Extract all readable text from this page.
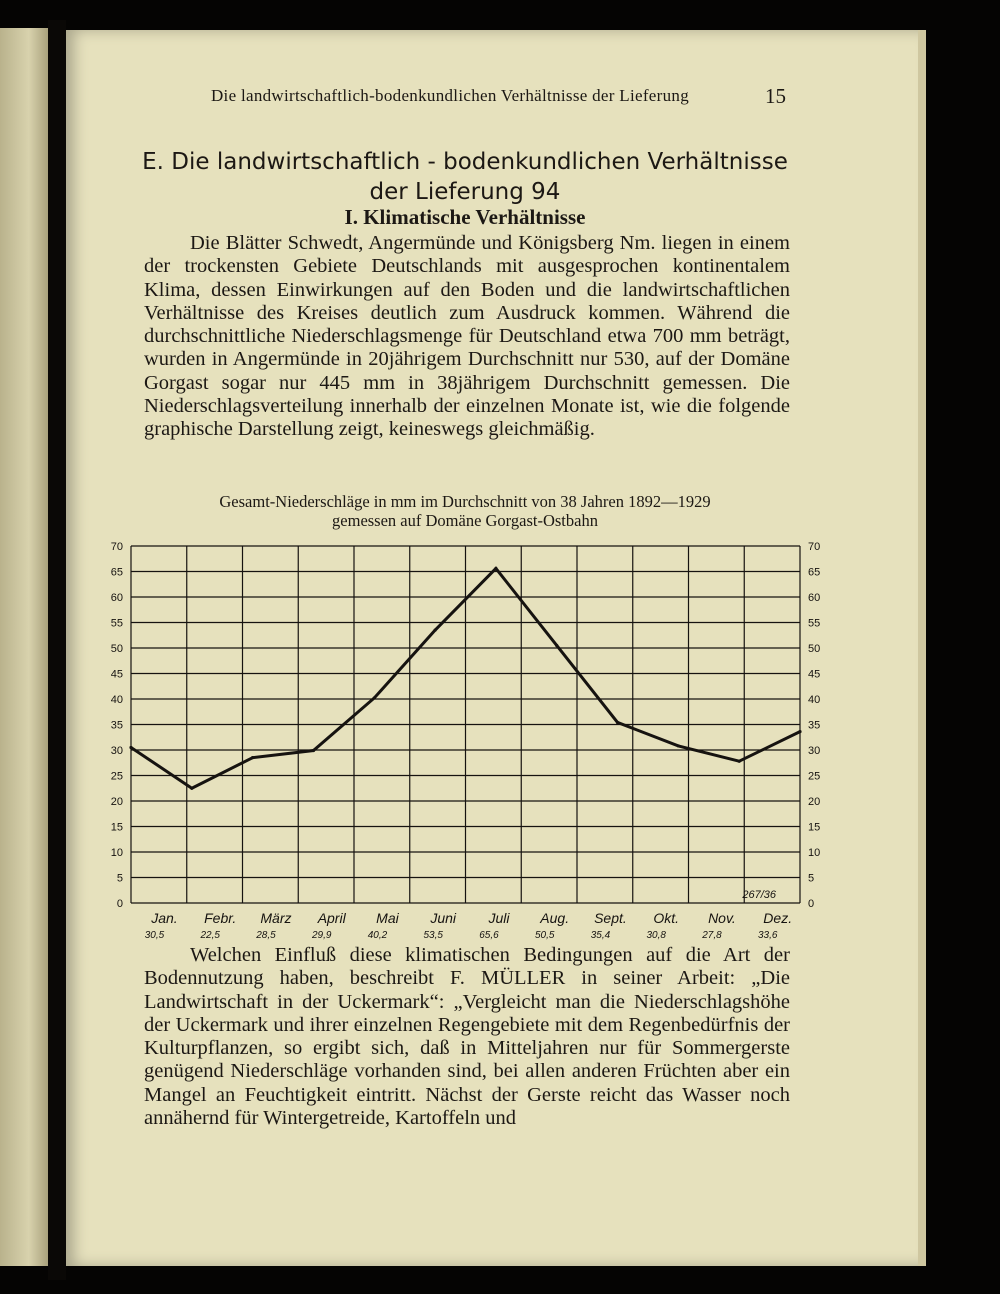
Die landwirtschaftlich-bodenkundlichen Verhältnisse der Lieferung	15
E. Die landwirtschaftlich - bodenkundlichen Verhältnisse
der Lieferung 94
I. Klimatische Verhältnisse

Die Blätter Schwedt, Angermünde und Königsberg Nm. liegen in einem der trockensten Gebiete Deutschlands mit ausgesprochen kontinentalem Klima, dessen Einwirkungen auf den Boden und die landwirtschaftlichen Verhältnisse des Kreises deutlich zum Ausdruck kommen. Während die durchschnittliche Niederschlagsmenge für Deutschland etwa 700 mm beträgt, wurden in Angermünde in 20jährigem Durchschnitt nur 530, auf der Domäne Gorgast sogar nur 445 mm in 38jährigem Durchschnitt gemessen. Die Niederschlagsverteilung innerhalb der einzelnen Monate ist, wie die folgende graphische Darstellung zeigt, keineswegs gleichmäßig.

Gesamt-Niederschläge in mm im Durchschnitt von 38 Jahren 1892—1929
gemessen auf Domäne Gorgast-Ostbahn
0	0
5	5
10	10
15	15
20	20
25	25
30	30
35	35
40	40
45	45
50	50
55	55
60	60
65	65
70	70
Jan.
30,5
Febr.
22,5
März
28,5
April
29,9
Mai
40,2
Juni
53,5
Juli
65,6
Aug.
50,5
Sept.
35,4
Okt.
30,8
Nov.
27,8
Dez.
33,6
267/36

Welchen Einfluß diese klimatischen Bedingungen auf die Art der Bodennutzung haben, beschreibt F. MÜLLER in seiner Arbeit: „Die Landwirtschaft in der Uckermark“: „Vergleicht man die Niederschlagshöhe der Uckermark und ihrer einzelnen Regengebiete mit dem Regenbedürfnis der Kulturpflanzen, so ergibt sich, daß in Mitteljahren nur für Sommergerste genügend Niederschläge vorhanden sind, bei allen anderen Früchten aber ein Mangel an Feuchtigkeit eintritt. Nächst der Gerste reicht das Wasser noch annähernd für Wintergetreide, Kartoffeln und
